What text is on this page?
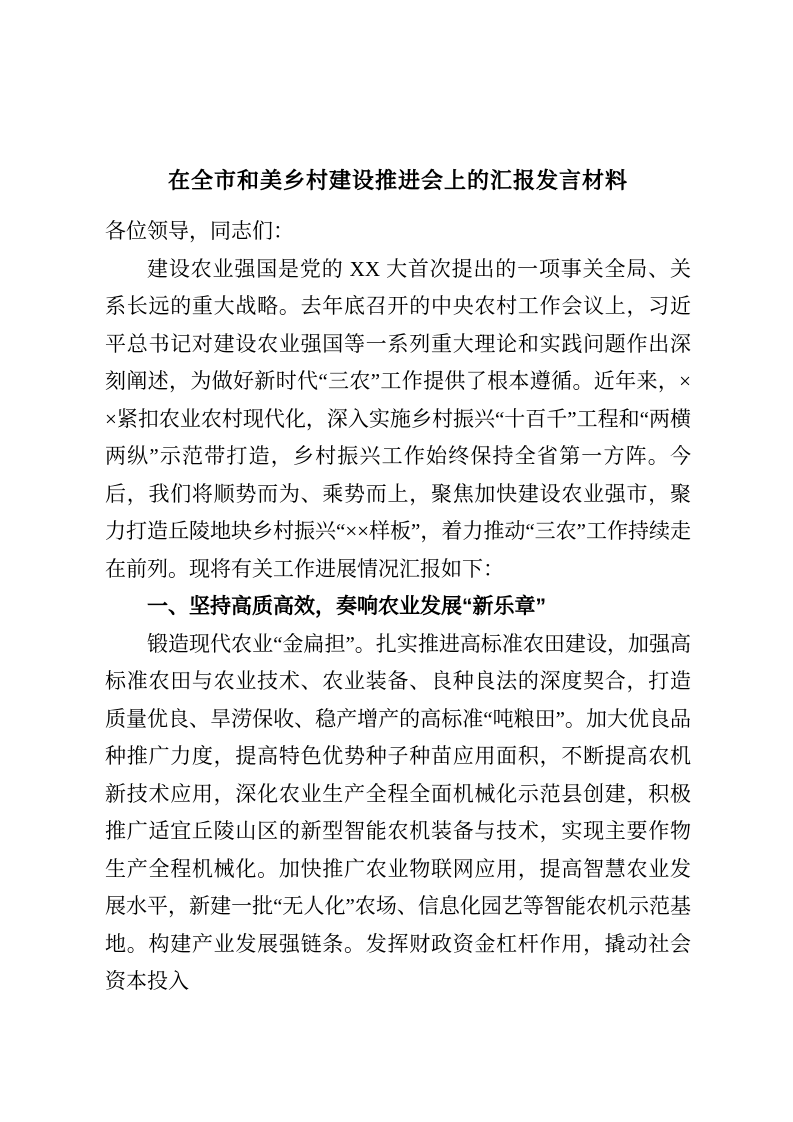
在全市和美乡村建设推进会上的汇报发言材料

各位领导，同志们：

建设农业强国是党的 XX 大首次提出的一项事关全局、关系长远的重大战略。去年底召开的中央农村工作会议上，习近平总书记对建设农业强国等一系列重大理论和实践问题作出深刻阐述，为做好新时代“三农”工作提供了根本遵循。近年来，××紧扣农业农村现代化，深入实施乡村振兴“十百千”工程和“两横两纵”示范带打造，乡村振兴工作始终保持全省第一方阵。今后，我们将顺势而为、乘势而上，聚焦加快建设农业强市，聚力打造丘陵地块乡村振兴“××样板”，着力推动“三农”工作持续走在前列。现将有关工作进展情况汇报如下：

一、坚持高质高效，奏响农业发展“新乐章”

锻造现代农业“金扁担”。扎实推进高标准农田建设，加强高标准农田与农业技术、农业装备、良种良法的深度契合，打造质量优良、旱涝保收、稳产增产的高标准“吨粮田”。加大优良品种推广力度，提高特色优势种子种苗应用面积，不断提高农机新技术应用，深化农业生产全程全面机械化示范县创建，积极推广适宜丘陵山区的新型智能农机装备与技术，实现主要作物生产全程机械化。加快推广农业物联网应用，提高智慧农业发展水平，新建一批“无人化”农场、信息化园艺等智能农机示范基地。构建产业发展强链条。发挥财政资金杠杆作用，撬动社会资本投入
